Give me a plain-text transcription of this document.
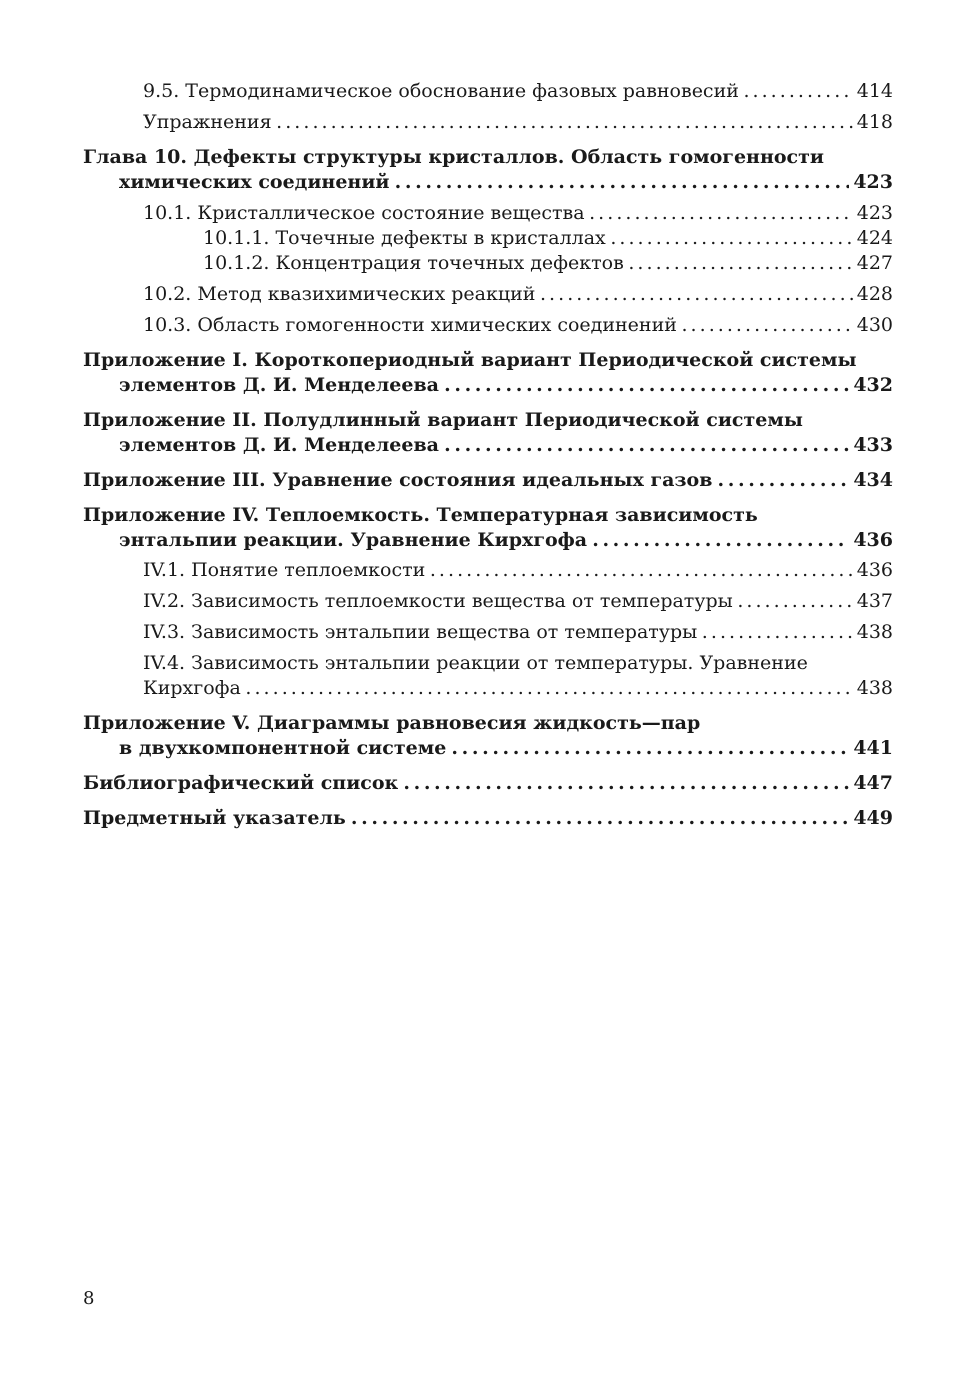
9.5. Термодинамическое обоснование фазовых равновесий . . .	414
Упражнения . . .	418
Глава 10. Дефекты структуры кристаллов. Область гомогенности
химических соединений . . .	423
10.1. Кристаллическое состояние вещества . . .	423
10.1.1. Точечные дефекты в кристаллах . . .	424
10.1.2. Концентрация точечных дефектов . . .	427
10.2. Метод квазихимических реакций . . .	428
10.3. Область гомогенности химических соединений . . .	430
Приложение I. Короткопериодный вариант Периодической системы
элементов Д. И. Менделеева . . .	432
Приложение II. Полудлинный вариант Периодической системы
элементов Д. И. Менделеева . . .	433
Приложение III. Уравнение состояния идеальных газов . . .	434
Приложение IV. Теплоемкость. Температурная зависимость
энтальпии реакции. Уравнение Кирхгофа . . .	436
IV.1. Понятие теплоемкости . . .	436
IV.2. Зависимость теплоемкости вещества от температуры . . .	437
IV.3. Зависимость энтальпии вещества от температуры . . .	438
IV.4. Зависимость энтальпии реакции от температуры. Уравнение
Кирхгофа . . .	438
Приложение V. Диаграммы равновесия жидкость—пар
в двухкомпонентной системе . . .	441
Библиографический список . . .	447
Предметный указатель . . .	449
8
